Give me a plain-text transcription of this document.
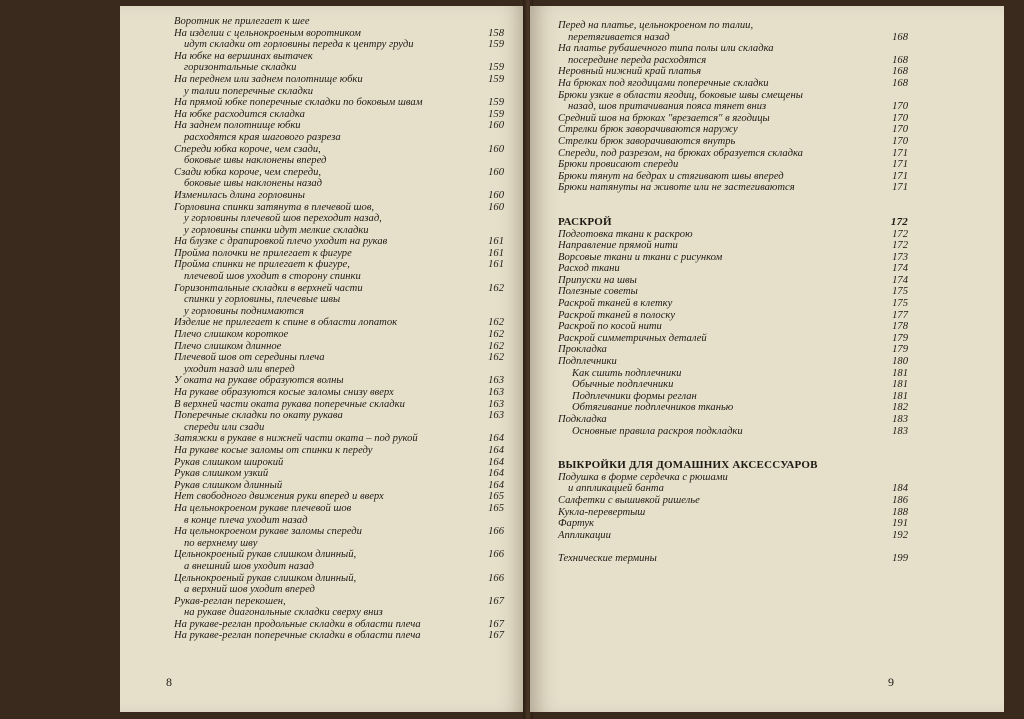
Воротник не прилегает к шее
На изделии с цельнокроеным воротником	158
идут складки от горловины переда к центру груди	159
На юбке на вершинах вытачек
горизонтальные складки	159
На переднем или заднем полотнище юбки	159
у талии поперечные складки
На прямой юбке поперечные складки по боковым швам	159
На юбке расходится складка	159
На заднем полотнище юбки	160
расходятся края шагового разреза
Спереди юбка короче, чем сзади,	160
боковые швы наклонены вперед
Сзади юбка короче, чем спереди,	160
боковые швы наклонены назад
Изменилась длина горловины	160
Горловина спинки затянута в плечевой шов,	160
у горловины плечевой шов переходит назад,
у горловины спинки идут мелкие складки
На блузке с драпировкой плечо уходит на рукав	161
Пройма полочки не прилегает к фигуре	161
Пройма спинки не прилегает к фигуре,	161
плечевой шов уходит в сторону спинки
Горизонтальные складки в верхней части	162
спинки у горловины, плечевые швы
у горловины поднимаются
Изделие не прилегает к спине в области лопаток	162
Плечо слишком короткое	162
Плечо слишком длинное	162
Плечевой шов от середины плеча	162
уходит назад или вперед
У оката на рукаве образуются волны	163
На рукаве образуются косые заломы снизу вверх	163
В верхней части оката рукава поперечные складки	163
Поперечные складки по окату рукава	163
спереди или сзади
Затяжки в рукаве в нижней части оката – под рукой	164
На рукаве косые заломы от спинки к переду	164
Рукав слишком широкий	164
Рукав слишком узкий	164
Рукав слишком длинный	164
Нет свободного движения руки вперед и вверх	165
На цельнокроеном рукаве плечевой шов	165
в конце плеча уходит назад
На цельнокроеном рукаве заломы спереди	166
по верхнему шву
Цельнокроеный рукав слишком длинный,	166
а внешний шов уходит назад
Цельнокроеный рукав слишком длинный,	166
а верхний шов уходит вперед
Рукав-реглан перекошен,	167
на рукаве диагональные складки сверху вниз
На рукаве-реглан продольные складки в области плеча	167
На рукаве-реглан поперечные складки в области плеча	167
8
Перед на платье, цельнокроеном по талии,
перетягивается назад	168
На платье рубашечного типа полы или складка
посередине переда расходятся	168
Неровный нижний край платья	168
На брюках под ягодицами поперечные складки	168
Брюки узкие в области ягодиц, боковые швы смещены
назад, шов притачивания пояса тянет вниз	170
Средний шов на брюках "врезается" в ягодицы	170
Стрелки брюк заворачиваются наружу	170
Стрелки брюк заворачиваются внутрь	170
Спереди, под разрезом, на брюках образуется складка	171
Брюки провисают спереди	171
Брюки тянут на бедрах и стягивают швы вперед	171
Брюки натянуты на животе или не застегиваются	171
РАСКРОЙ	172
Подготовка ткани к раскрою	172
Направление прямой нити	172
Ворсовые ткани и ткани с рисунком	173
Расход ткани	174
Припуски на швы	174
Полезные советы	175
Раскрой тканей в клетку	175
Раскрой тканей в полоску	177
Раскрой по косой нити	178
Раскрой симметричных деталей	179
Прокладка	179
Подплечники	180
Как сшить подплечники	181
Обычные подплечники	181
Подплечники формы реглан	181
Обтягивание подплечников тканью	182
Подкладка	183
Основные правила раскроя подкладки	183
ВЫКРОЙКИ ДЛЯ ДОМАШНИХ АКСЕССУАРОВ
Подушка в форме сердечка с рюшами
и аппликацией банта	184
Салфетки с вышивкой ришелье	186
Кукла-перевертыш	188
Фартук	191
Аппликации	192
Технические термины	199
9
